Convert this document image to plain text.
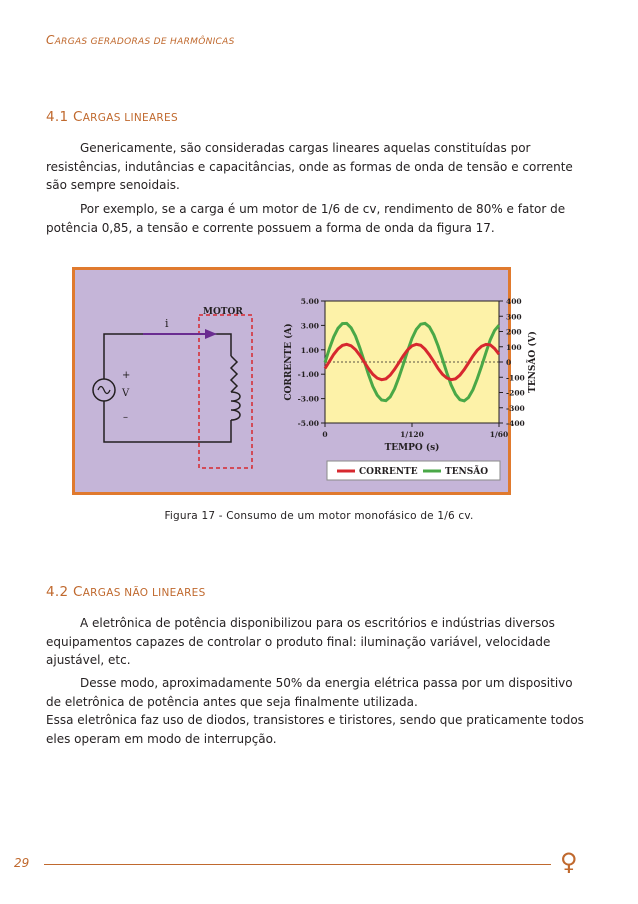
CARGAS GERADORAS DE HARMÔNICAS
4.1 CARGAS LINEARES

Genericamente, são consideradas cargas lineares aquelas constituídas por resistências, indutâncias e capacitâncias, onde as formas de onda de tensão e corrente são sempre senoidais.

Por exemplo, se a carga é um motor de 1/6 de cv, rendimento de 80% e fator de potência 0,85, a tensão e corrente possuem a forma de onda da figura 17.

i
MOTOR
+
V
–
5.00
3.00
1.00
-1.00
-3.00
-5.00
400
300
200
100
0
-100
-200
-300
-400
0	1/120	1/60
CORRENTE (A)	TENSÃO (V)
TEMPO (s)
CORRENTE	TENSÃO
Figura 17 - Consumo de um motor monofásico de 1/6 cv.
4.2 CARGAS NÃO LINEARES

A eletrônica de potência disponibilizou para os escritórios e indústrias diversos equipamentos capazes de controlar o produto final: iluminação variável, velocidade ajustável, etc.

Desse modo, aproximadamente 50% da energia elétrica passa por um dispositivo de eletrônica de potência antes que seja finalmente utilizada.
Essa eletrônica faz uso de diodos, transistores e tiristores, sendo que praticamente todos eles operam em modo de interrupção.

29	♀
